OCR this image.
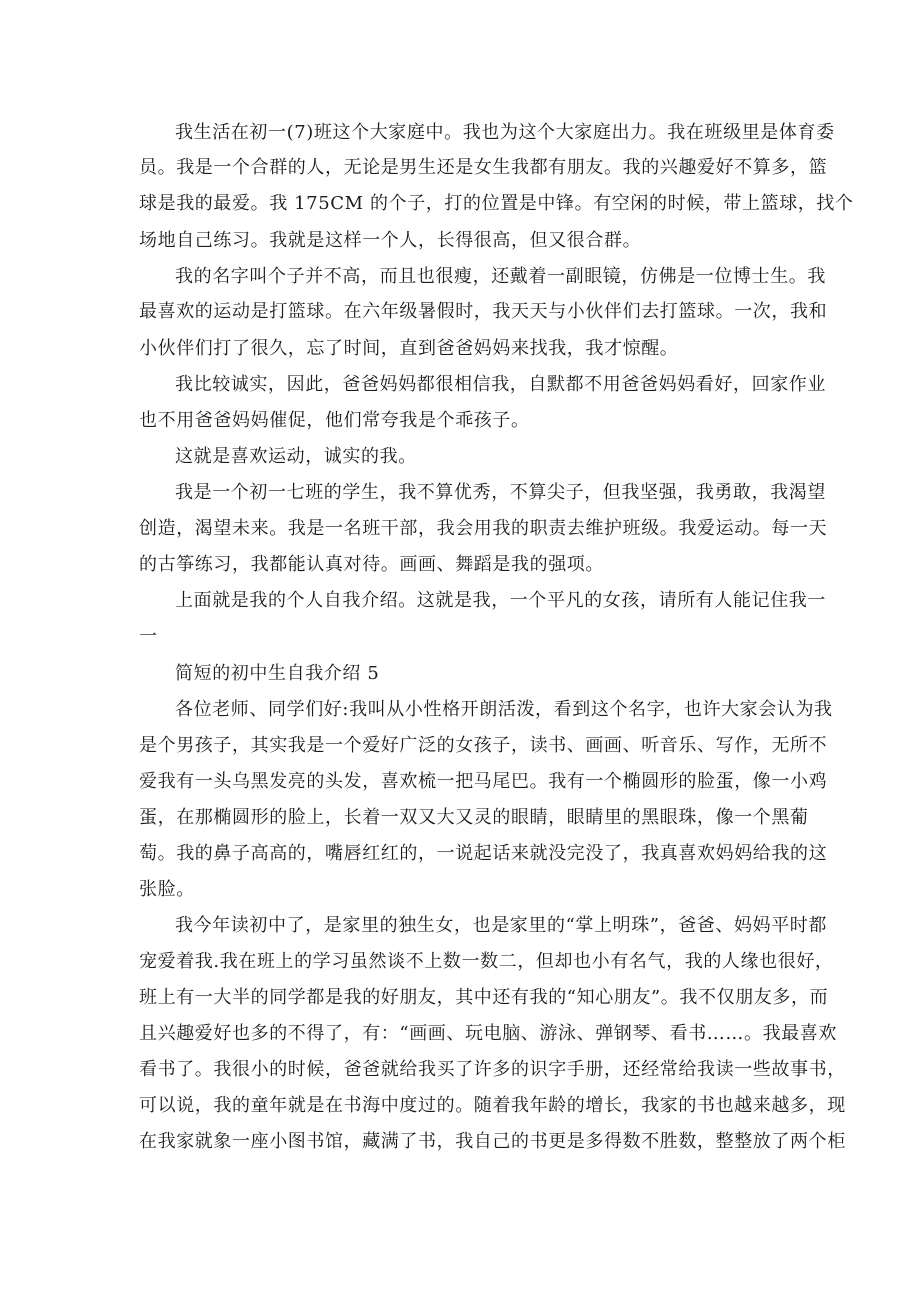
我生活在初一(7)班这个大家庭中。我也为这个大家庭出力。我在班级里是体育委
员。我是一个合群的人，无论是男生还是女生我都有朋友。我的兴趣爱好不算多，篮
球是我的最爱。我 175CM 的个子，打的位置是中锋。有空闲的时候，带上篮球，找个
场地自己练习。我就是这样一个人，长得很高，但又很合群。
我的名字叫个子并不高，而且也很瘦，还戴着一副眼镜，仿佛是一位博士生。我
最喜欢的运动是打篮球。在六年级暑假时，我天天与小伙伴们去打篮球。一次，我和
小伙伴们打了很久，忘了时间，直到爸爸妈妈来找我，我才惊醒。
我比较诚实，因此，爸爸妈妈都很相信我，自默都不用爸爸妈妈看好，回家作业
也不用爸爸妈妈催促，他们常夸我是个乖孩子。
这就是喜欢运动，诚实的我。
我是一个初一七班的学生，我不算优秀，不算尖子，但我坚强，我勇敢，我渴望
创造，渴望未来。我是一名班干部，我会用我的职责去维护班级。我爱运动。每一天
的古筝练习，我都能认真对待。画画、舞蹈是我的强项。
上面就是我的个人自我介绍。这就是我，一个平凡的女孩，请所有人能记住我一
一
简短的初中生自我介绍 5
各位老师、同学们好:我叫从小性格开朗活泼，看到这个名字，也许大家会认为我
是个男孩子，其实我是一个爱好广泛的女孩子，读书、画画、听音乐、写作，无所不
爱我有一头乌黑发亮的头发，喜欢梳一把马尾巴。我有一个椭圆形的脸蛋，像一小鸡
蛋，在那椭圆形的脸上，长着一双又大又灵的眼睛，眼睛里的黑眼珠，像一个黑葡
萄。我的鼻子高高的，嘴唇红红的，一说起话来就没完没了，我真喜欢妈妈给我的这
张脸。
我今年读初中了，是家里的独生女，也是家里的“掌上明珠”，爸爸、妈妈平时都
宠爱着我.我在班上的学习虽然谈不上数一数二，但却也小有名气，我的人缘也很好，
班上有一大半的同学都是我的好朋友，其中还有我的“知心朋友”。我不仅朋友多，而
且兴趣爱好也多的不得了，有：“画画、玩电脑、游泳、弹钢琴、看书……。我最喜欢
看书了。我很小的时候，爸爸就给我买了许多的识字手册，还经常给我读一些故事书，
可以说，我的童年就是在书海中度过的。随着我年龄的增长，我家的书也越来越多，现
在我家就象一座小图书馆，藏满了书，我自己的书更是多得数不胜数，整整放了两个柜
